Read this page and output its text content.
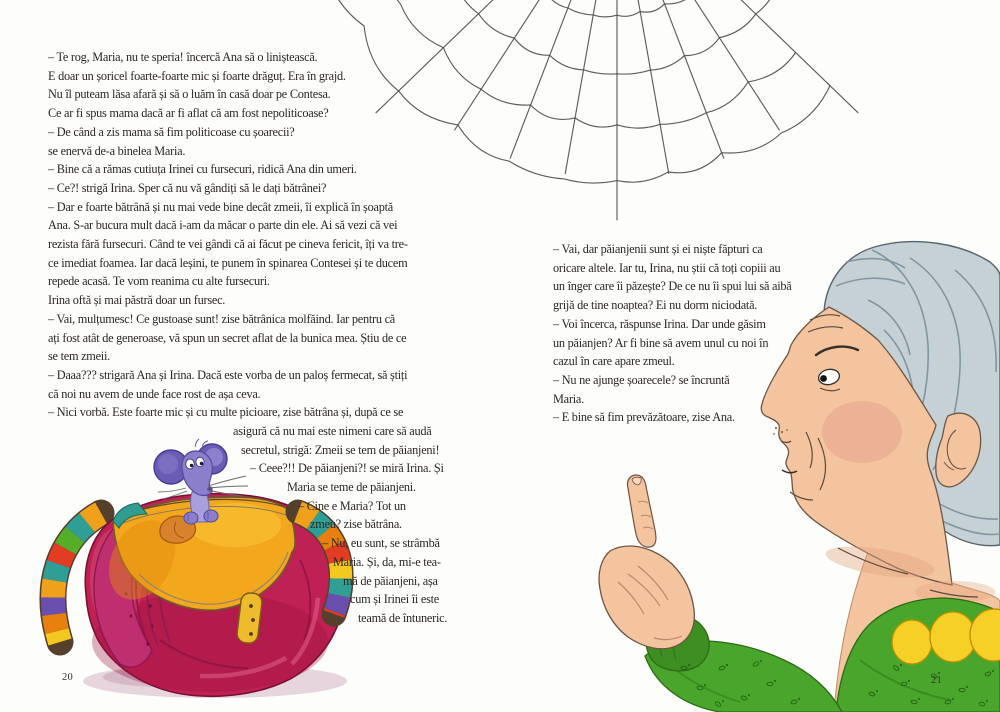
– Te rog, Maria, nu te speria! încercă Ana să o liniștească.
E doar un șoricel foarte-foarte mic și foarte drăguț. Era în grajd.
Nu îl puteam lăsa afară și să o luăm în casă doar pe Contesa.
Ce ar fi spus mama dacă ar fi aflat că am fost nepoliticoase?
– De când a zis mama să fim politicoase cu șoarecii?
se enervă de-a binelea Maria.
– Bine că a rămas cutiuța Irinei cu fursecuri, ridică Ana din umeri.
– Ce?! strigă Irina. Sper că nu vă gândiți să le dați bătrânei?
– Dar e foarte bătrână și nu mai vede bine decât zmeii, îi explică în șoaptă
Ana. S-ar bucura mult dacă i-am da măcar o parte din ele. Ai să vezi că vei
rezista fără fursecuri. Când te vei gândi că ai făcut pe cineva fericit, îți va tre-
ce imediat foamea. Iar dacă leșini, te punem în spinarea Contesei și te ducem
repede acasă. Te vom reanima cu alte fursecuri.
Irina oftă și mai păstră doar un fursec.
– Vai, mulțumesc! Ce gustoase sunt! zise bătrânica molfăind. Iar pentru că
ați fost atât de generoase, vă spun un secret aflat de la bunica mea. Știu de ce
se tem zmeii.
– Daaa??? strigară Ana și Irina. Dacă este vorba de un paloș fermecat, să știți
că noi nu avem de unde face rost de așa ceva.
– Nici vorbă. Este foarte mic și cu multe picioare, zise bătrâna și, după ce se
asigură că nu mai este nimeni care să audă
secretul, strigă: Zmeii se tem de păianjeni!
– Ceee?!! De păianjeni?! se miră Irina. Și
Maria se teme de păianjeni.
– Cine e Maria? Tot un
zmeu? zise bătrâna.
– Nu, eu sunt, se strâmbă
Maria. Și, da, mi-e tea-
mă de păianjeni, așa
cum și Irinei îi este
teamă de întuneric.
– Vai, dar păianjenii sunt și ei niște făpturi ca
oricare altele. Iar tu, Irina, nu știi că toți copiii au
un înger care îi păzește? De ce nu îi spui lui să aibă
grijă de tine noaptea? Ei nu dorm niciodată.
– Voi încerca, răspunse Irina. Dar unde găsim
un păianjen? Ar fi bine să avem unul cu noi în
cazul în care apare zmeul.
– Nu ne ajunge șoarecele? se încruntă
Maria.
– E bine să fim prevăzătoare, zise Ana.
20	21
